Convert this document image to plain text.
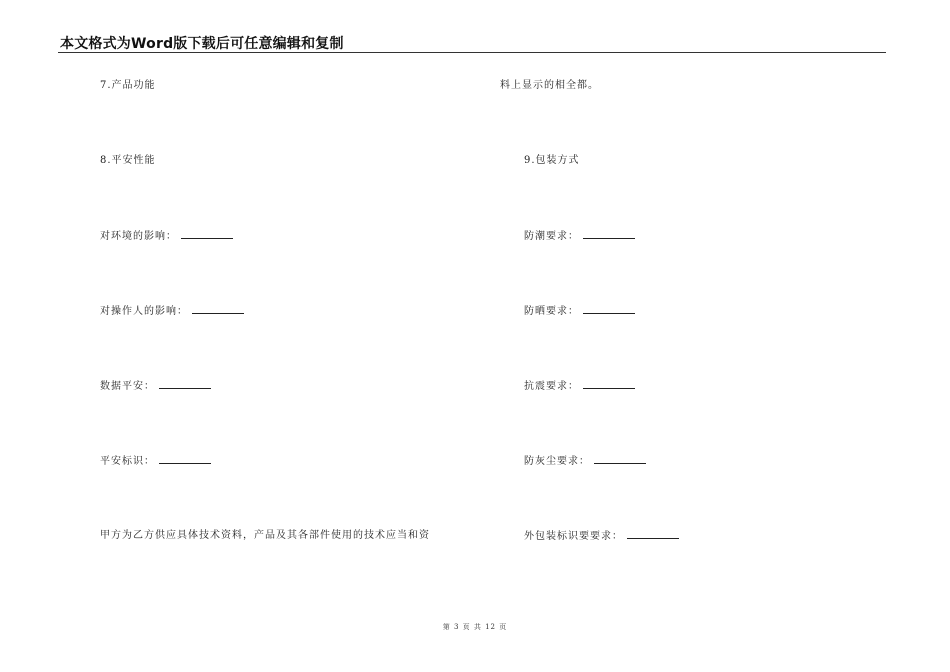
本文格式为Word版下载后可任意编辑和复制
7.产品功能
8.平安性能
对环境的影响：
对操作人的影响：
数据平安：
平安标识：
甲方为乙方供应具体技术资料，产品及其各部件使用的技术应当和资
料上显示的相全都。
9.包装方式
防潮要求：
防晒要求：
抗震要求：
防灰尘要求：
外包装标识要要求：
第 3 页 共 12 页
